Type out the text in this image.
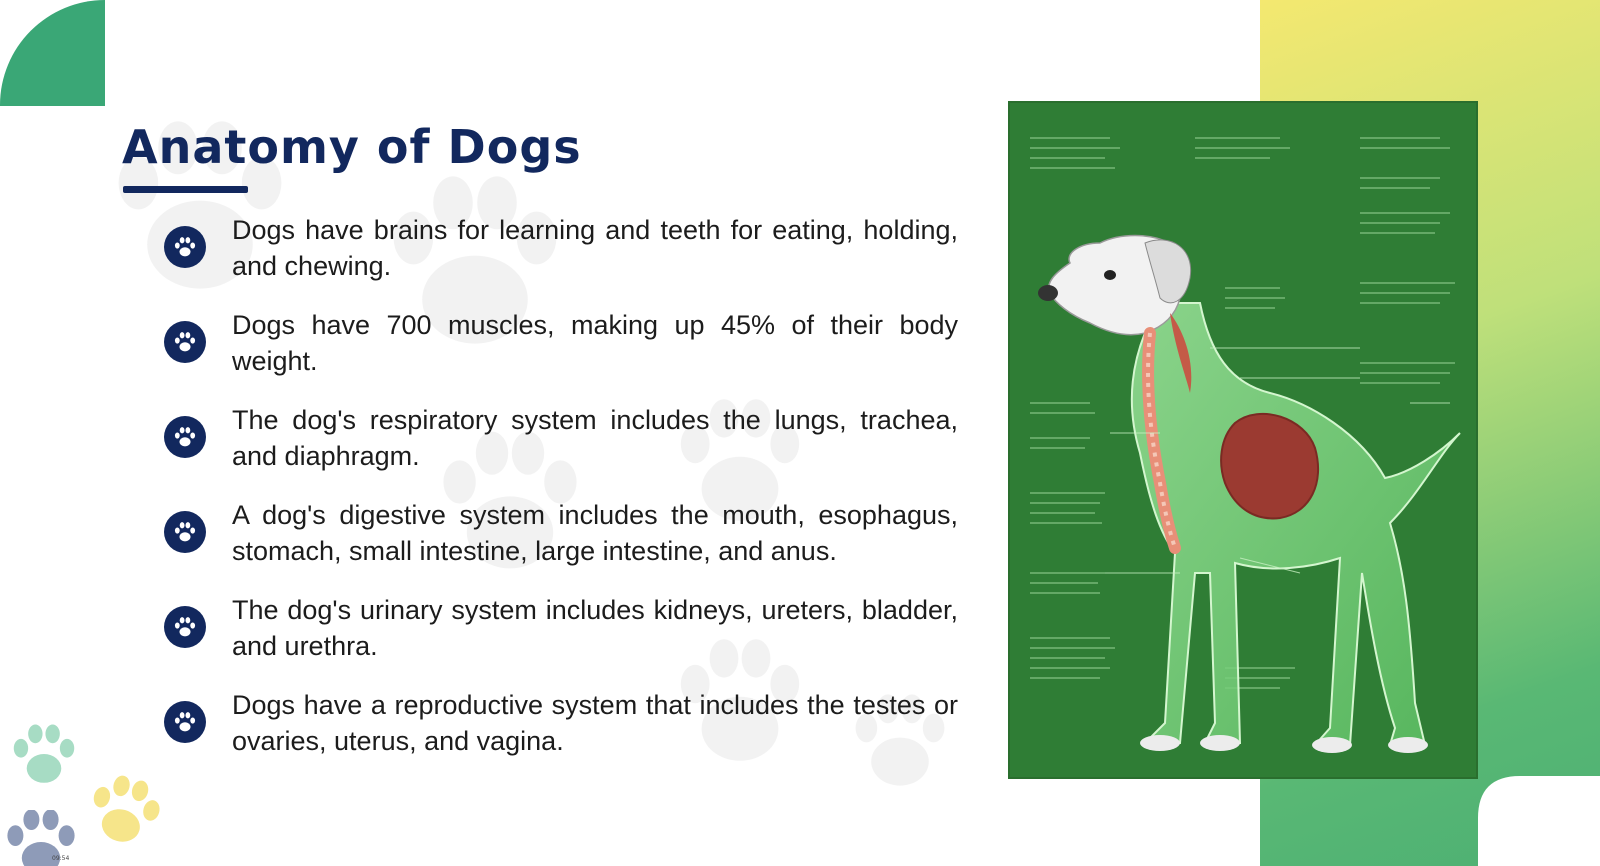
Anatomy of Dogs

Dogs have brains for learning and teeth for eating, holding, and chewing.

Dogs have 700 muscles, making up 45% of their body weight.

The dog's respiratory system includes the lungs, trachea, and diaphragm.

A dog's digestive system includes the mouth, esophagus, stomach, small intestine, large intestine, and anus.

The dog's urinary system includes kidneys, ureters, bladder, and urethra.

Dogs have a reproductive system that includes the testes or ovaries, uterus, and vagina.

09:54
